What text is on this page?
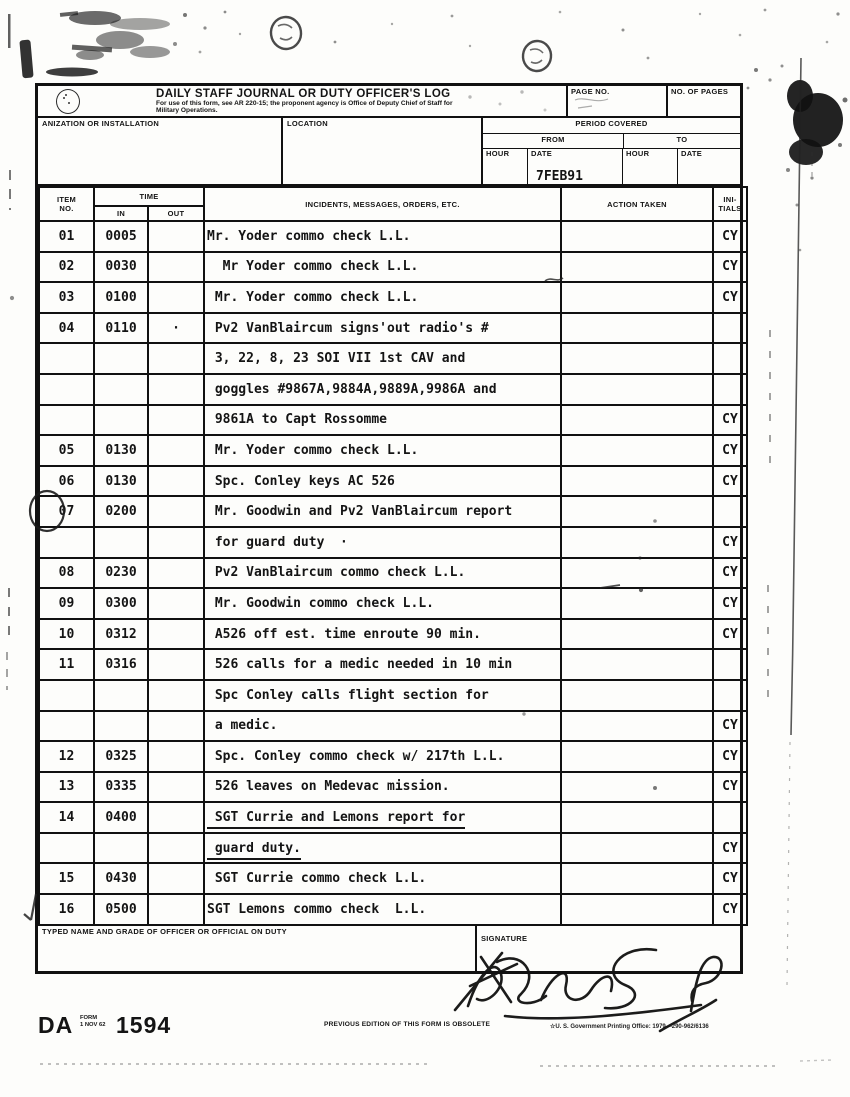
DAILY STAFF JOURNAL OR DUTY OFFICER'S LOG
For use of this form, see AR 220-15; the proponent agency is Office of Deputy Chief of Staff for Military Operations.
PAGE NO.	NO. OF PAGES
ANIZATION OR INSTALLATION	LOCATION	PERIOD COVERED
FROM	TO
HOUR	DATE
7FEB91
HOUR	DATE
ITEM
NO.	TIME		INCIDENTS, MESSAGES, ORDERS, ETC.	ACTION TAKEN	INI-
TIALS
	IN	OUT			
01	0005		Mr. Yoder commo check L.L.		CY
02	0030		Mr Yoder commo check L.L.		CY
03	0100		Mr. Yoder commo check L.L.		CY
04	0110	·	Pv2 VanBlaircum signs'out radio's #		
			3, 22, 8, 23 SOI VII 1st CAV and		
			goggles #9867A,9884A,9889A,9986A and		
			9861A to Capt Rossomme		CY
05	0130		Mr. Yoder commo check L.L.		CY
06	0130		Spc. Conley keys AC 526		CY
07	0200		Mr. Goodwin and Pv2 VanBlaircum report		
			for guard duty  ·		CY
08	0230		Pv2 VanBlaircum commo check L.L.		CY
09	0300		Mr. Goodwin commo check L.L.		CY
10	0312		A526 off est. time enroute 90 min.		CY
11	0316		526 calls for a medic needed in 10 min		
			Spc Conley calls flight section for		
			a medic.		CY
12	0325		Spc. Conley commo check w/ 217th L.L.		CY
13	0335		526 leaves on Medevac mission.		CY
14	0400		SGT Currie and Lemons report for		
			guard duty.		CY
15	0430		SGT Currie commo check L.L.		CY
16	0500		SGT Lemons commo check  L.L.		CY
TYPED NAME AND GRADE OF OFFICER OR OFFICIAL ON DUTY
SIGNATURE
DA FORM
1 NOV 62 1594	PREVIOUS EDITION OF THIS FORM IS OBSOLETE	☆U. S. Government Printing Office: 1979—290-962/6136
